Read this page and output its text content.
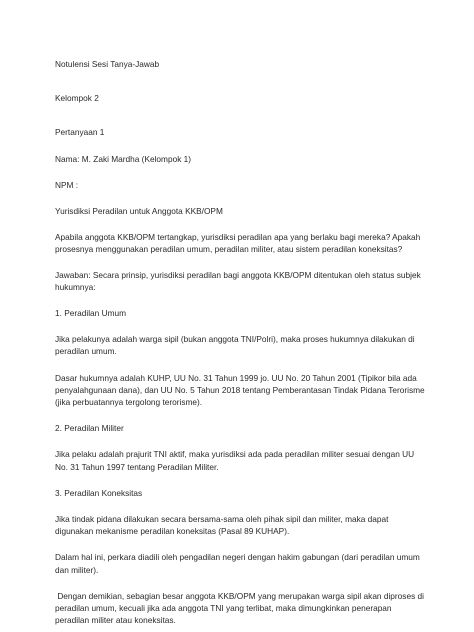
Notulensi Sesi Tanya-Jawab

Kelompok 2

Pertanyaan 1

Nama: M. Zaki Mardha (Kelompok 1)

NPM :

Yurisdiksi Peradilan untuk Anggota KKB/OPM

Apabila anggota KKB/OPM tertangkap, yurisdiksi peradilan apa yang berlaku bagi mereka? Apakah prosesnya menggunakan peradilan umum, peradilan militer, atau sistem peradilan koneksitas?

Jawaban: Secara prinsip, yurisdiksi peradilan bagi anggota KKB/OPM ditentukan oleh status subjek hukumnya:

1. Peradilan Umum

Jika pelakunya adalah warga sipil (bukan anggota TNI/Polri), maka proses hukumnya dilakukan di peradilan umum.

Dasar hukumnya adalah KUHP, UU No. 31 Tahun 1999 jo. UU No. 20 Tahun 2001 (Tipikor bila ada penyalahgunaan dana), dan UU No. 5 Tahun 2018 tentang Pemberantasan Tindak Pidana Terorisme (jika perbuatannya tergolong terorisme).

2. Peradilan Militer

Jika pelaku adalah prajurit TNI aktif, maka yurisdiksi ada pada peradilan militer sesuai dengan UU No. 31 Tahun 1997 tentang Peradilan Militer.

3. Peradilan Koneksitas

Jika tindak pidana dilakukan secara bersama-sama oleh pihak sipil dan militer, maka dapat digunakan mekanisme peradilan koneksitas (Pasal 89 KUHAP).

Dalam hal ini, perkara diadili oleh pengadilan negeri dengan hakim gabungan (dari peradilan umum dan militer).

Dengan demikian, sebagian besar anggota KKB/OPM yang merupakan warga sipil akan diproses di peradilan umum, kecuali jika ada anggota TNI yang terlibat, maka dimungkinkan penerapan peradilan militer atau koneksitas.
